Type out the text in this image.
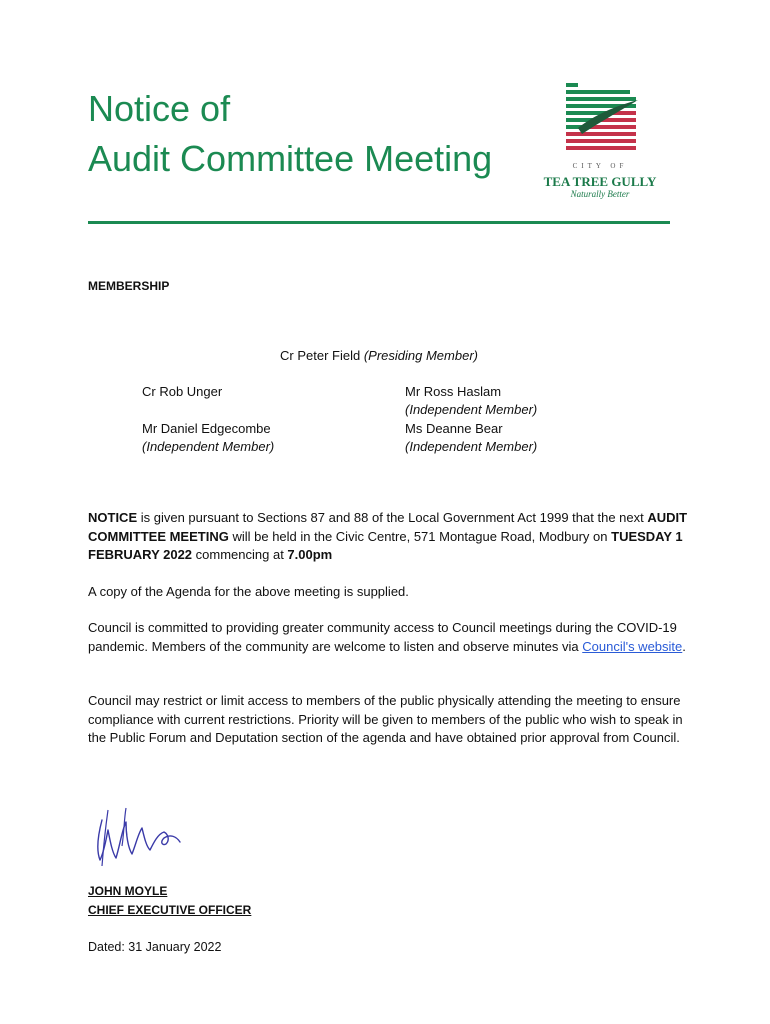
Notice of
Audit Committee Meeting	CITY OF
TEA TREE GULLY
Naturally Better
MEMBERSHIP
Cr Peter Field (Presiding Member)
Cr Rob Unger	Mr Ross Haslam
(Independent Member)
Mr Daniel Edgecombe
(Independent Member)
Ms Deanne Bear
(Independent Member)
NOTICE is given pursuant to Sections 87 and 88 of the Local Government Act 1999 that the next AUDIT COMMITTEE MEETING will be held in the Civic Centre, 571 Montague Road, Modbury on TUESDAY 1 FEBRUARY 2022 commencing at 7.00pm
A copy of the Agenda for the above meeting is supplied.
Council is committed to providing greater community access to Council meetings during the COVID-19 pandemic. Members of the community are welcome to listen and observe minutes via Council's website.
Council may restrict or limit access to members of the public physically attending the meeting to ensure compliance with current restrictions. Priority will be given to members of the public who wish to speak in the Public Forum and Deputation section of the agenda and have obtained prior approval from Council.
JOHN MOYLE
CHIEF EXECUTIVE OFFICER
Dated: 31 January 2022
